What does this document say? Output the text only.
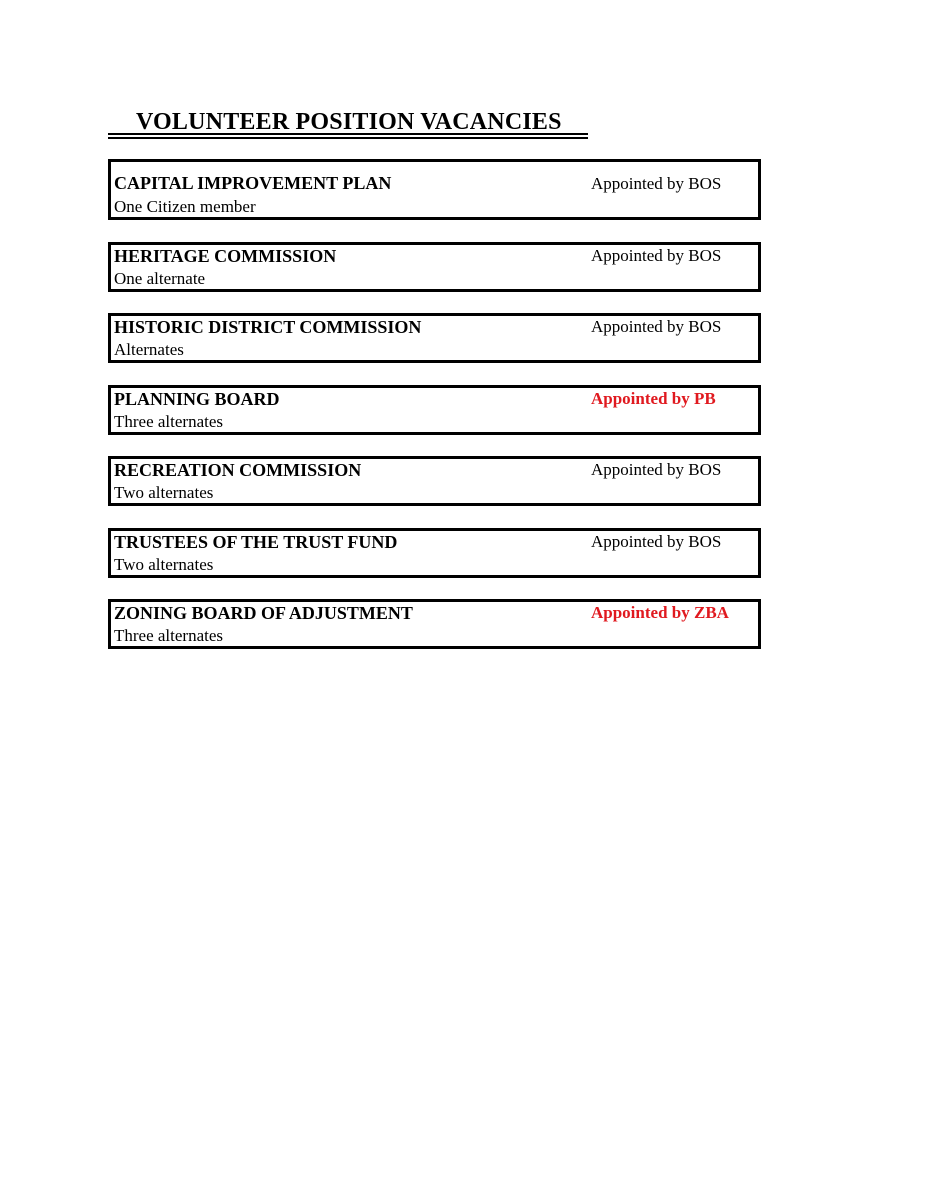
VOLUNTEER POSITION VACANCIES
CAPITAL IMPROVEMENT PLAN	Appointed by BOS
One Citizen member
HERITAGE COMMISSION	Appointed by BOS
One alternate
HISTORIC DISTRICT COMMISSION	Appointed by BOS
Alternates
PLANNING BOARD	Appointed by PB
Three alternates
RECREATION COMMISSION	Appointed by BOS
Two alternates
TRUSTEES OF THE TRUST FUND	Appointed by BOS
Two alternates
ZONING BOARD OF ADJUSTMENT	Appointed by ZBA
Three alternates
